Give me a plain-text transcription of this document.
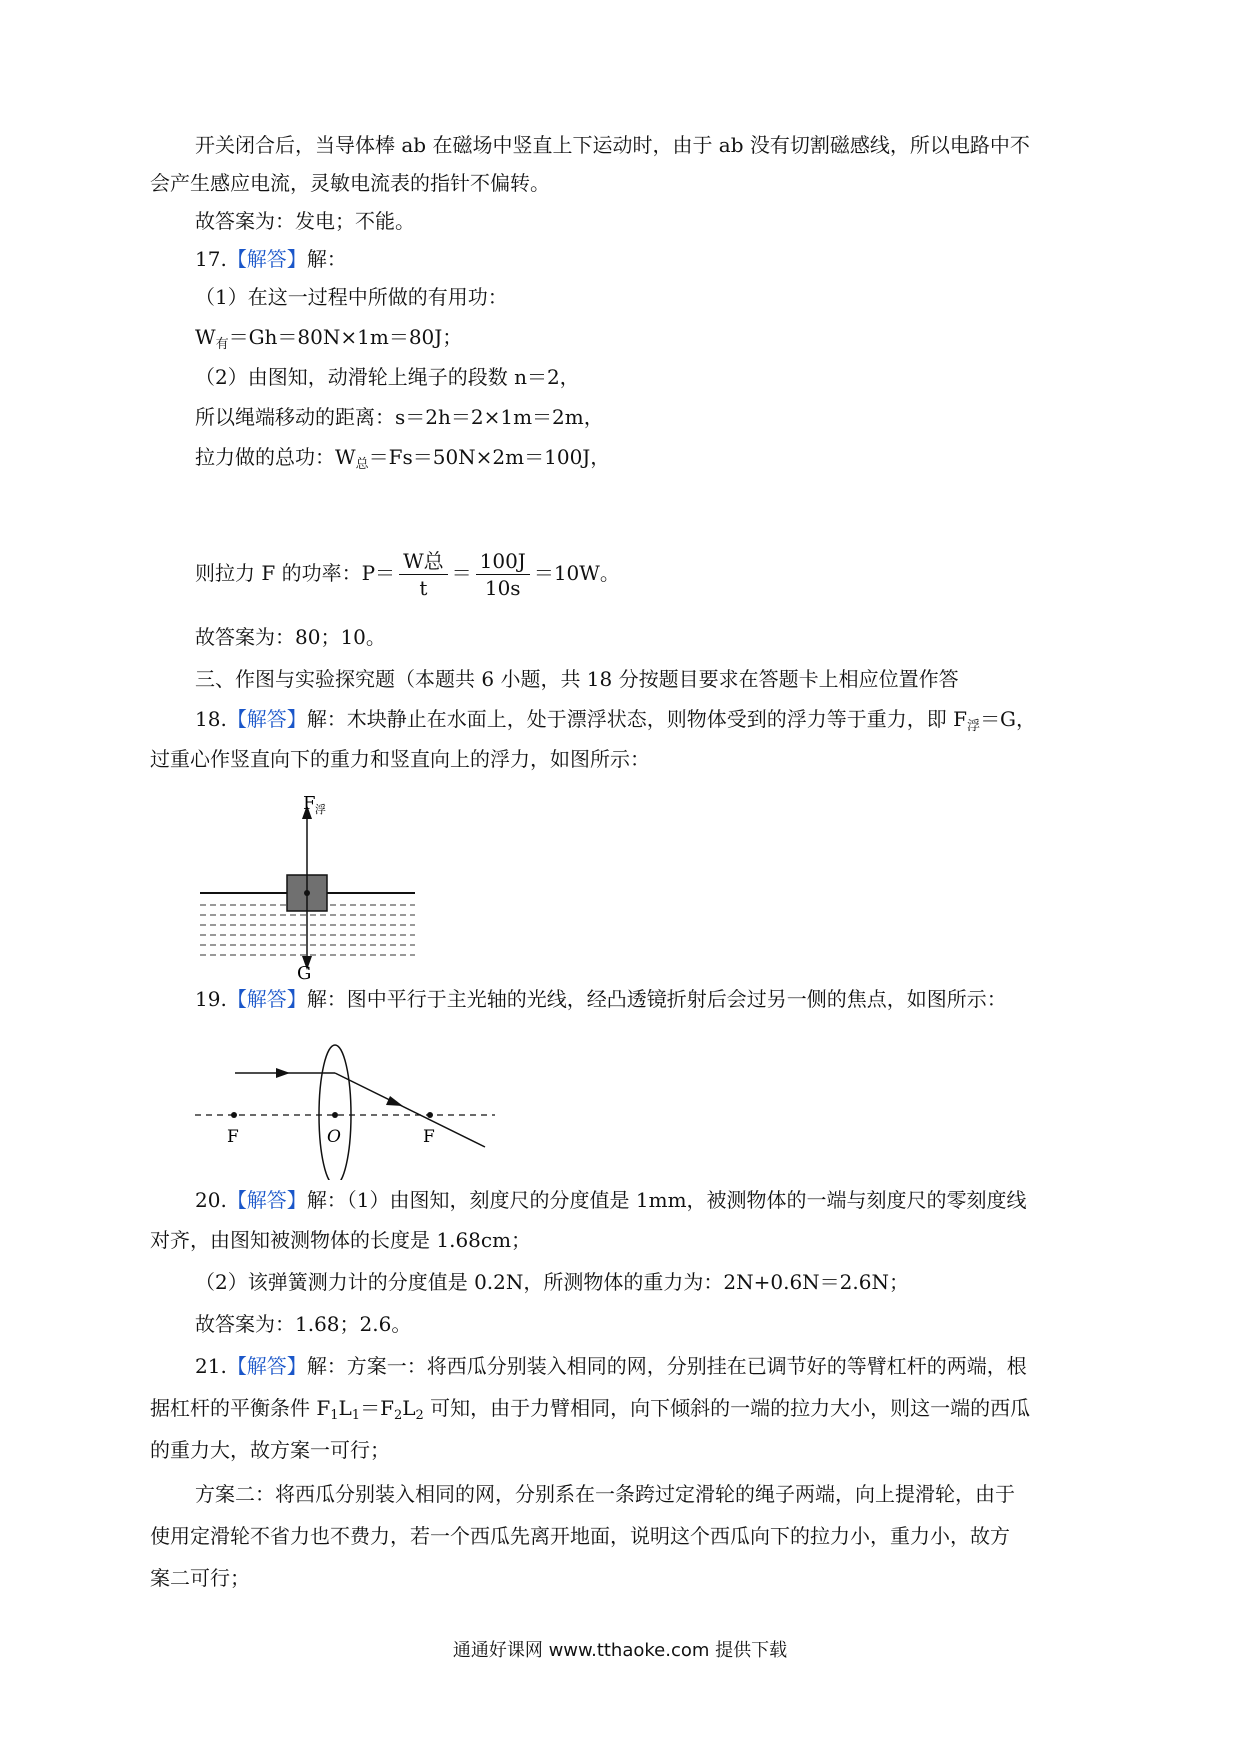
开关闭合后，当导体棒 ab 在磁场中竖直上下运动时，由于 ab 没有切割磁感线，所以电路中不
会产生感应电流，灵敏电流表的指针不偏转。
故答案为：发电；不能。
17.【解答】解：
（1）在这一过程中所做的有用功：
$W_有=Gh=80N\times 1m=80J$；
（2）由图知，动滑轮上绳子的段数 n＝2，
所以绳端移动的距离：s＝2h＝2×1m＝2m，
拉力做的总功：$W_总=Fs=50N\times 2m=100J$，
则拉力 F 的功率：$P= \frac{\text{W总}}{t} = \frac{100J}{10s} =10W$。
故答案为：80；10。
三、作图与实验探究题（本题共 6 小题，共 18 分按题目要求在答题卡上相应位置作答
18.【解答】解：木块静止在水面上，处于漂浮状态，则物体受到的浮力等于重力，即 $F_浮=G$，
过重心作竖直向下的重力和竖直向上的浮力，如图所示：
F 浮
G
19.【解答】解：图中平行于主光轴的光线，经凸透镜折射后会过另一侧的焦点，如图所示：
F	O	F
20.【解答】解：（1）由图知，刻度尺的分度值是 1mm，被测物体的一端与刻度尺的零刻度线
对齐，由图知被测物体的长度是 1.68cm；
（2）该弹簧测力计的分度值是 0.2N，所测物体的重力为：2N+0.6N＝2.6N；
故答案为：1.68；2.6。
21.【解答】解：方案一：将西瓜分别装入相同的网，分别挂在已调节好的等臂杠杆的两端，根
据杠杆的平衡条件 $F_1L_1=F_2L_2$ 可知，由于力臂相同，向下倾斜的一端的拉力大小，则这一端的西瓜
的重力大，故方案一可行；
方案二：将西瓜分别装入相同的网，分别系在一条跨过定滑轮的绳子两端，向上提滑轮，由于
使用定滑轮不省力也不费力，若一个西瓜先离开地面，说明这个西瓜向下的拉力小，重力小，故方
案二可行；
通通好课网 www.tthaoke.com 提供下载
